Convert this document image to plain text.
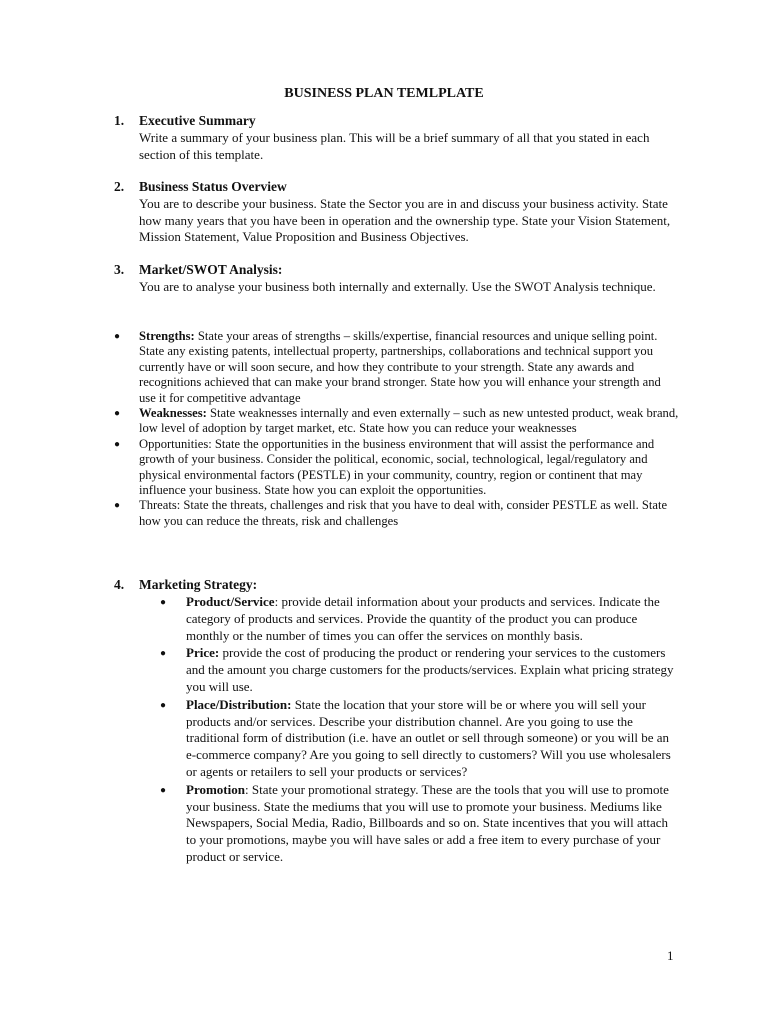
BUSINESS PLAN TEMLPLATE
1. Executive Summary
Write a summary of your business plan. This will be a brief summary of all that you stated in each section of this template.
2. Business Status Overview
You are to describe your business. State the Sector you are in and discuss your business activity. State how many years that you have been in operation and the ownership type. State your Vision Statement, Mission Statement, Value Proposition and Business Objectives.
3. Market/SWOT Analysis:
You are to analyse your business both internally and externally. Use the SWOT Analysis technique.
● Strengths: State your areas of strengths – skills/expertise, financial resources and unique selling point. State any existing patents, intellectual property, partnerships, collaborations and technical support you currently have or will soon secure, and how they contribute to your strength. State any awards and recognitions achieved that can make your brand stronger. State how you will enhance your strength and use it for competitive advantage
● Weaknesses: State weaknesses internally and even externally – such as new untested product, weak brand, low level of adoption by target market, etc. State how you can reduce your weaknesses
● Opportunities: State the opportunities in the business environment that will assist the performance and growth of your business. Consider the political, economic, social, technological, legal/regulatory and physical environmental factors (PESTLE) in your community, country, region or continent that may influence your business. State how you can exploit the opportunities.
● Threats: State the threats, challenges and risk that you have to deal with, consider PESTLE as well. State how you can reduce the threats, risk and challenges
4. Marketing Strategy:
● Product/Service: provide detail information about your products and services. Indicate the category of products and services. Provide the quantity of the product you can produce monthly or the number of times you can offer the services on monthly basis.
● Price: provide the cost of producing the product or rendering your services to the customers and the amount you charge customers for the products/services. Explain what pricing strategy you will use.
● Place/Distribution: State the location that your store will be or where you will sell your products and/or services. Describe your distribution channel. Are you going to use the traditional form of distribution (i.e. have an outlet or sell through someone) or you will be an e-commerce company? Are you going to sell directly to customers? Will you use wholesalers or agents or retailers to sell your products or services?
● Promotion: State your promotional strategy. These are the tools that you will use to promote your business. State the mediums that you will use to promote your business. Mediums like Newspapers, Social Media, Radio, Billboards and so on. State incentives that you will attach to your promotions, maybe you will have sales or add a free item to every purchase of your product or service.
1
